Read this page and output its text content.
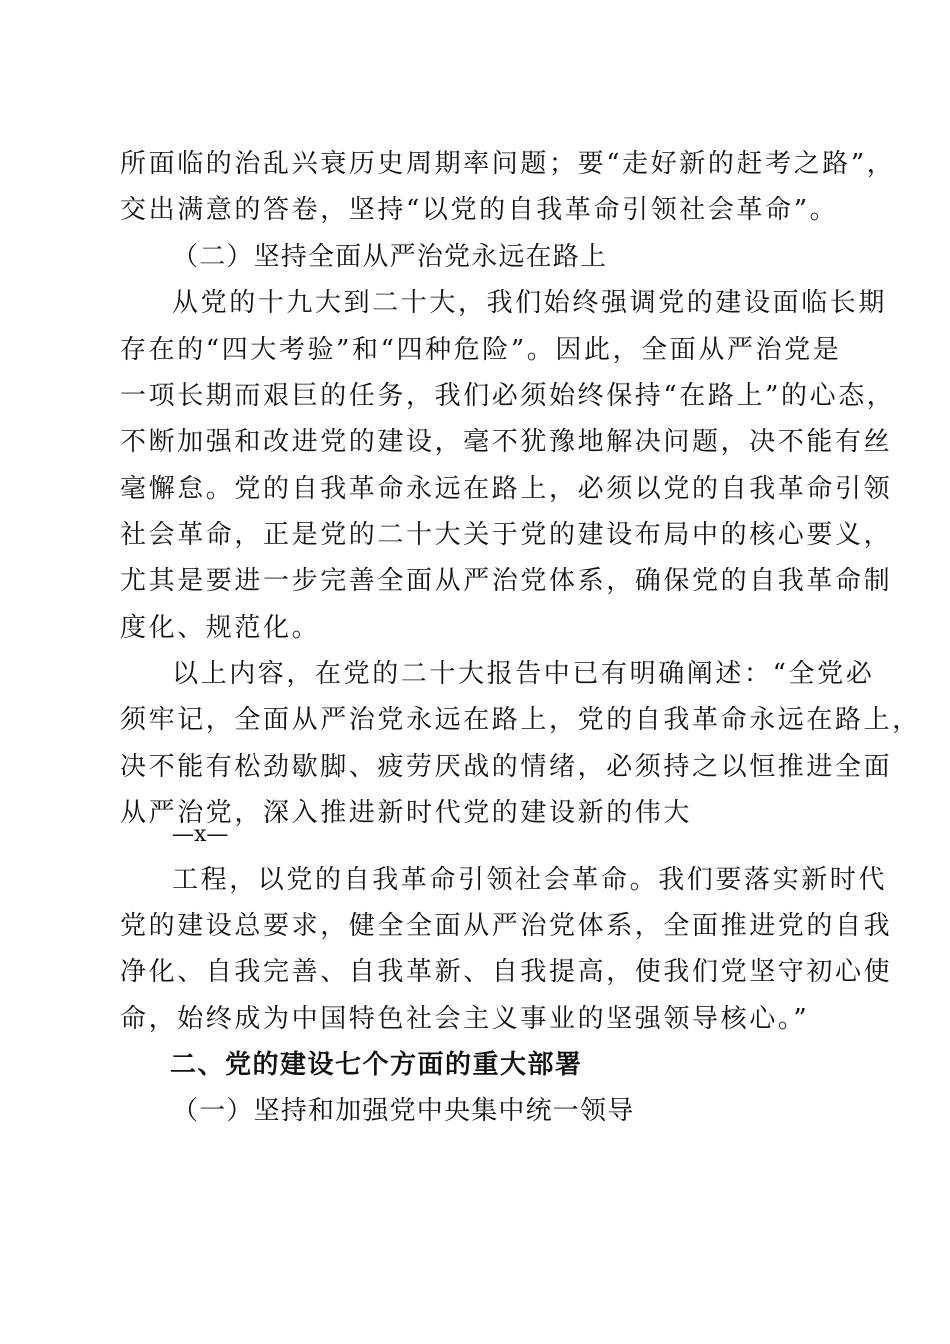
所面临的治乱兴衰历史周期率问题；要“走好新的赶考之路”，
交出满意的答卷，坚持“以党的自我革命引领社会革命”。
（二）坚持全面从严治党永远在路上
从党的十九大到二十大，我们始终强调党的建设面临长期
存在的“四大考验”和“四种危险”。因此，全面从严治党是
一项长期而艰巨的任务，我们必须始终保持“在路上”的心态，
不断加强和改进党的建设，毫不犹豫地解决问题，决不能有丝
毫懈怠。党的自我革命永远在路上，必须以党的自我革命引领
社会革命，正是党的二十大关于党的建设布局中的核心要义，
尤其是要进一步完善全面从严治党体系，确保党的自我革命制
度化、规范化。
以上内容，在党的二十大报告中已有明确阐述：“全党必
须牢记，全面从严治党永远在路上，党的自我革命永远在路上，
决不能有松劲歇脚、疲劳厌战的情绪，必须持之以恒推进全面
从严治党，深入推进新时代党的建设新的伟大
—x—
工程，以党的自我革命引领社会革命。我们要落实新时代
党的建设总要求，健全全面从严治党体系，全面推进党的自我
净化、自我完善、自我革新、自我提高，使我们党坚守初心使
命，始终成为中国特色社会主义事业的坚强领导核心。”
二、党的建设七个方面的重大部署
（一）坚持和加强党中央集中统一领导
